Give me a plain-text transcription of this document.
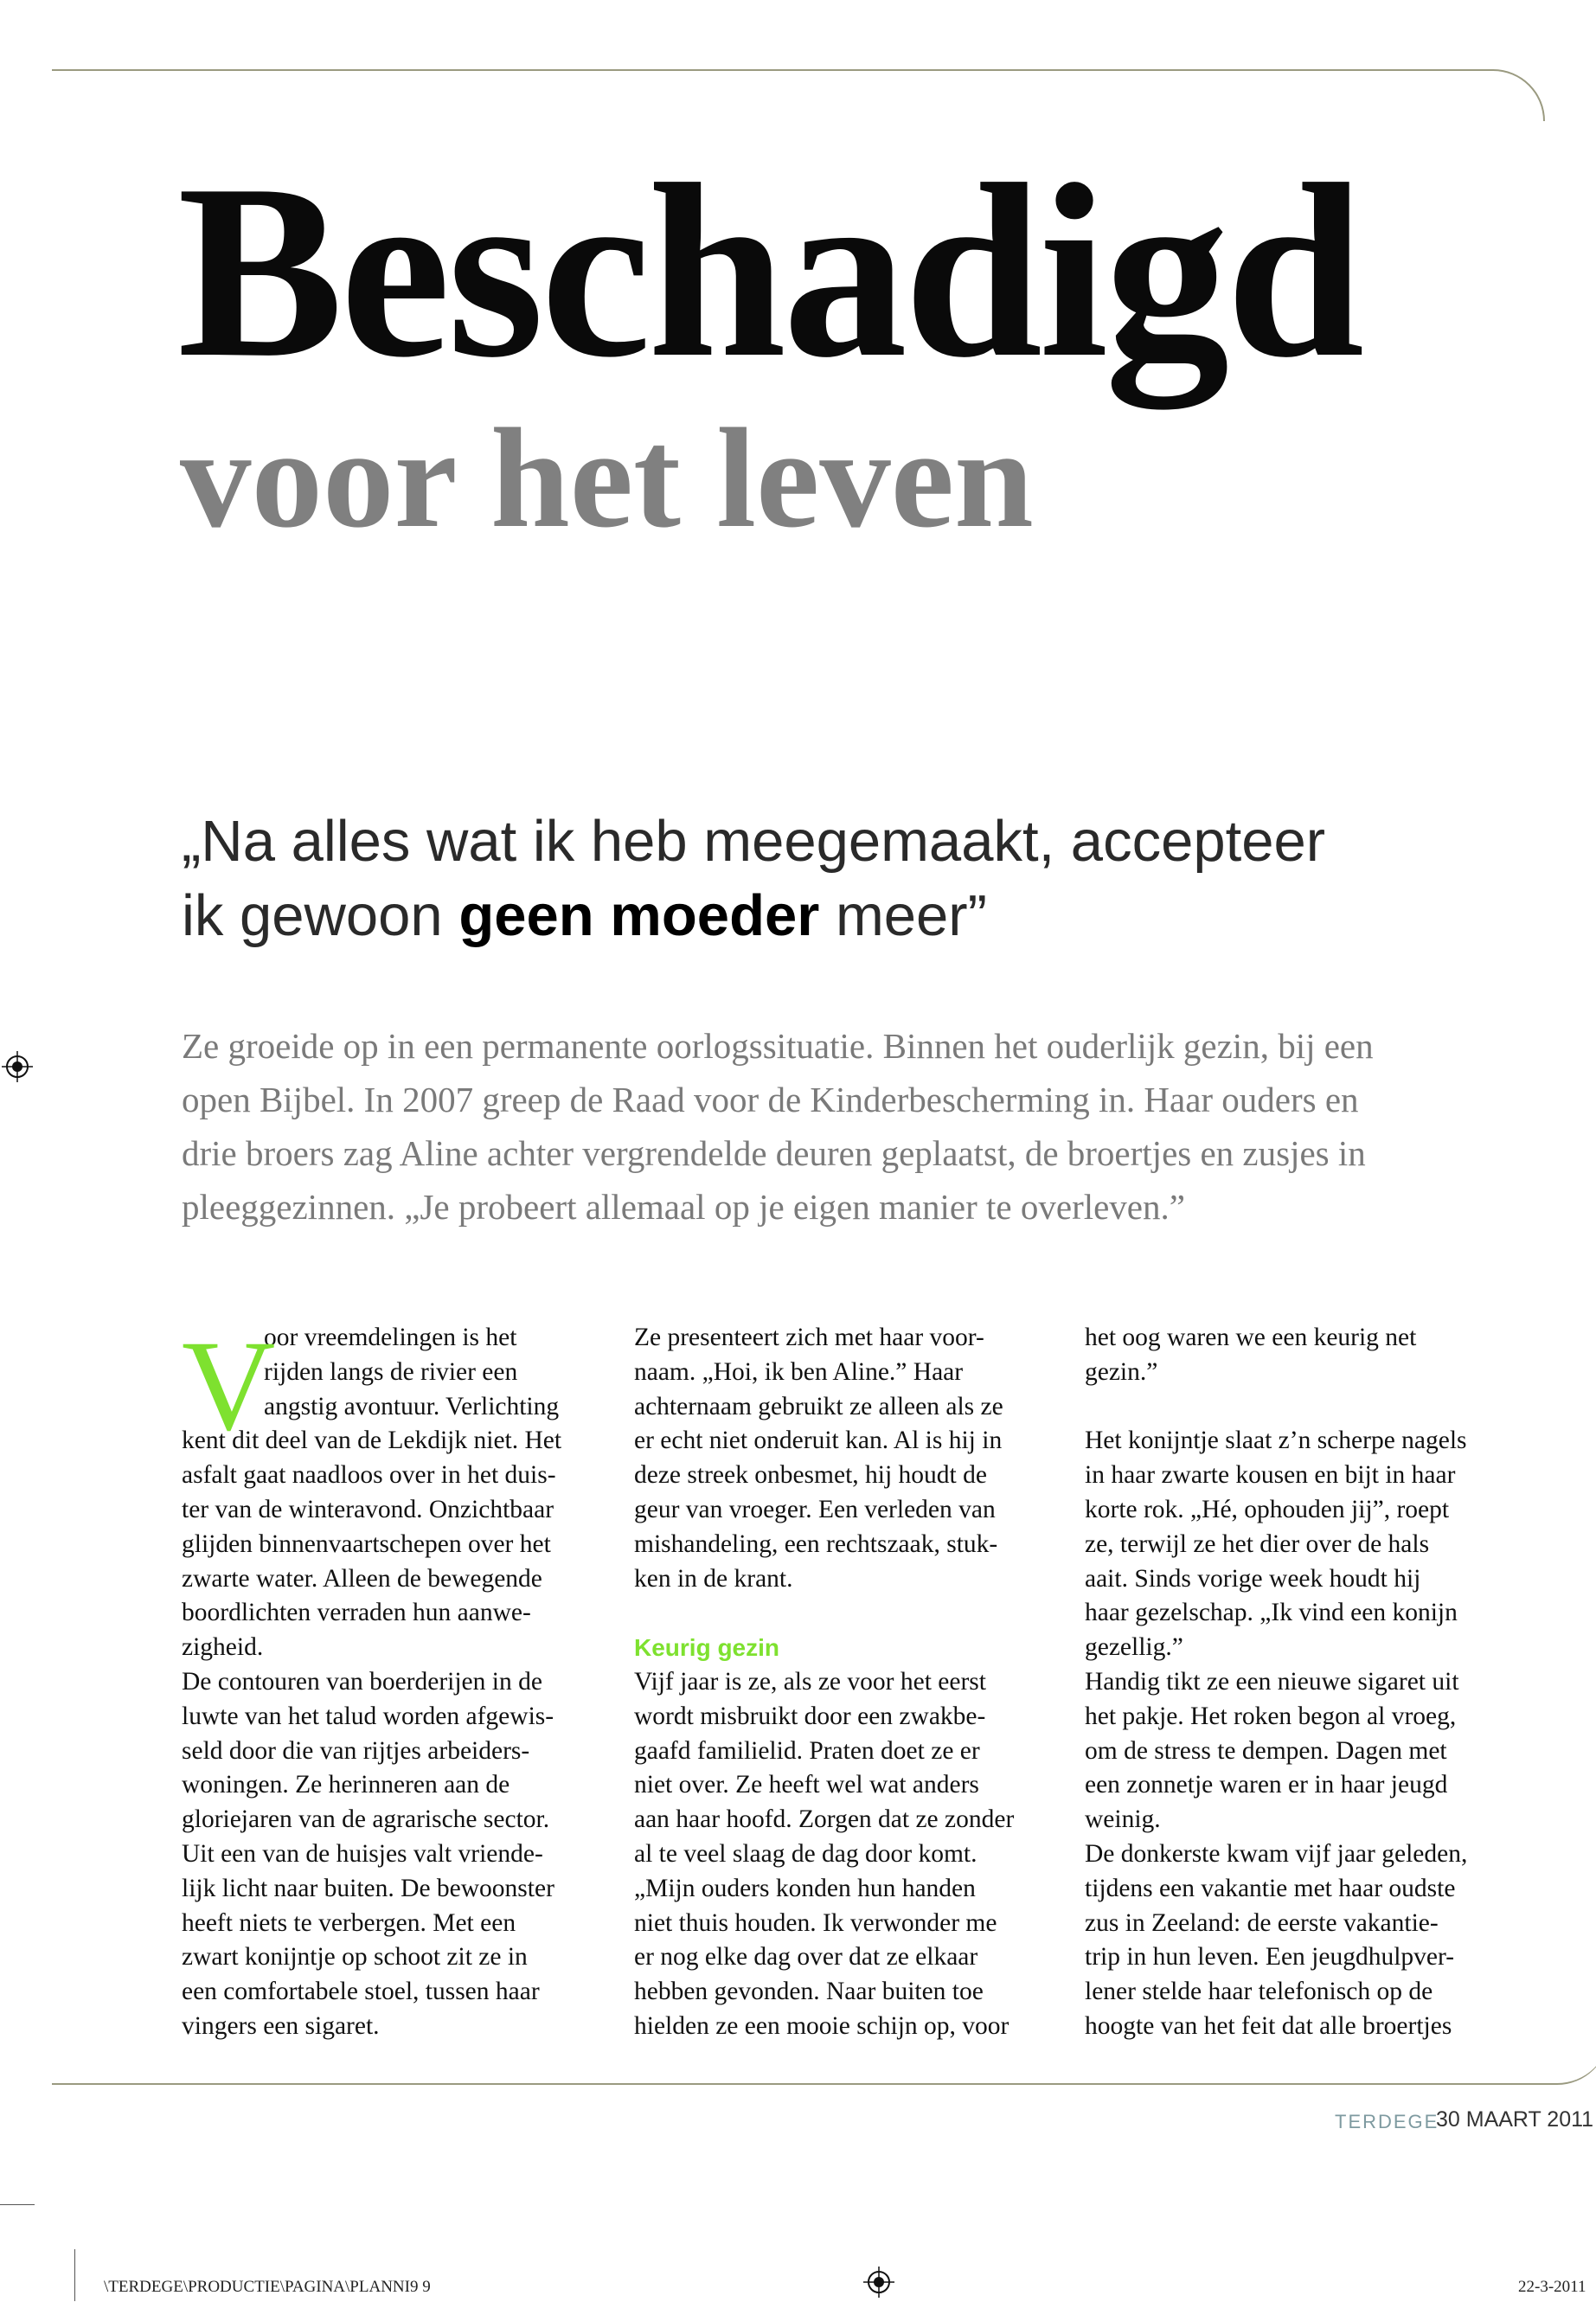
Beschadigd
voor het leven
„Na alles wat ik heb meegemaakt, accepteer
ik gewoon geen moeder meer”
Ze groeide op in een permanente oorlogssituatie. Binnen het ouderlijk gezin, bij een
open Bijbel. In 2007 greep de Raad voor de Kinderbescherming in. Haar ouders en
drie broers zag Aline achter vergrendelde deuren geplaatst, de broertjes en zusjes in
pleeggezinnen. „Je probeert allemaal op je eigen manier te overleven.”
V
oor vreemdelingen is het
rijden langs de rivier een
angstig avontuur. Verlichting
kent dit deel van de Lekdijk niet. Het
asfalt gaat naadloos over in het duis-
ter van de winteravond. Onzichtbaar
glijden binnenvaartschepen over het
zwarte water. Alleen de bewegende
boordlichten verraden hun aanwe-
zigheid.
De contouren van boerderijen in de
luwte van het talud worden afgewis-
seld door die van rijtjes arbeiders-
woningen. Ze herinneren aan de
gloriejaren van de agrarische sector.
Uit een van de huisjes valt vriende-
lijk licht naar buiten. De bewoonster
heeft niets te verbergen. Met een
zwart konijntje op schoot zit ze in
een comfortabele stoel, tussen haar
vingers een sigaret.
Ze presenteert zich met haar voor-
naam. „Hoi, ik ben Aline.” Haar
achternaam gebruikt ze alleen als ze
er echt niet onderuit kan. Al is hij in
deze streek onbesmet, hij houdt de
geur van vroeger. Een verleden van
mishandeling, een rechtszaak, stuk-
ken in de krant.
Keurig gezin
Vijf jaar is ze, als ze voor het eerst
wordt misbruikt door een zwakbe-
gaafd familielid. Praten doet ze er
niet over. Ze heeft wel wat anders
aan haar hoofd. Zorgen dat ze zonder
al te veel slaag de dag door komt.
„Mijn ouders konden hun handen
niet thuis houden. Ik verwonder me
er nog elke dag over dat ze elkaar
hebben gevonden. Naar buiten toe
hielden ze een mooie schijn op, voor
het oog waren we een keurig net
gezin.”
Het konijntje slaat z’n scherpe nagels
in haar zwarte kousen en bijt in haar
korte rok. „Hé, ophouden jij”, roept
ze, terwijl ze het dier over de hals
aait. Sinds vorige week houdt hij
haar gezelschap. „Ik vind een konijn
gezellig.”
Handig tikt ze een nieuwe sigaret uit
het pakje. Het roken begon al vroeg,
om de stress te dempen. Dagen met
een zonnetje waren er in haar jeugd
weinig.
De donkerste kwam vijf jaar geleden,
tijdens een vakantie met haar oudste
zus in Zeeland: de eerste vakantie-
trip in hun leven. Een jeugdhulpver-
lener stelde haar telefonisch op de
hoogte van het feit dat alle broertjes
TERDEGE
30 MAART 2011
\TERDEGE\PRODUCTIE\PAGINA\PLANNI9 9	22-3-2011
